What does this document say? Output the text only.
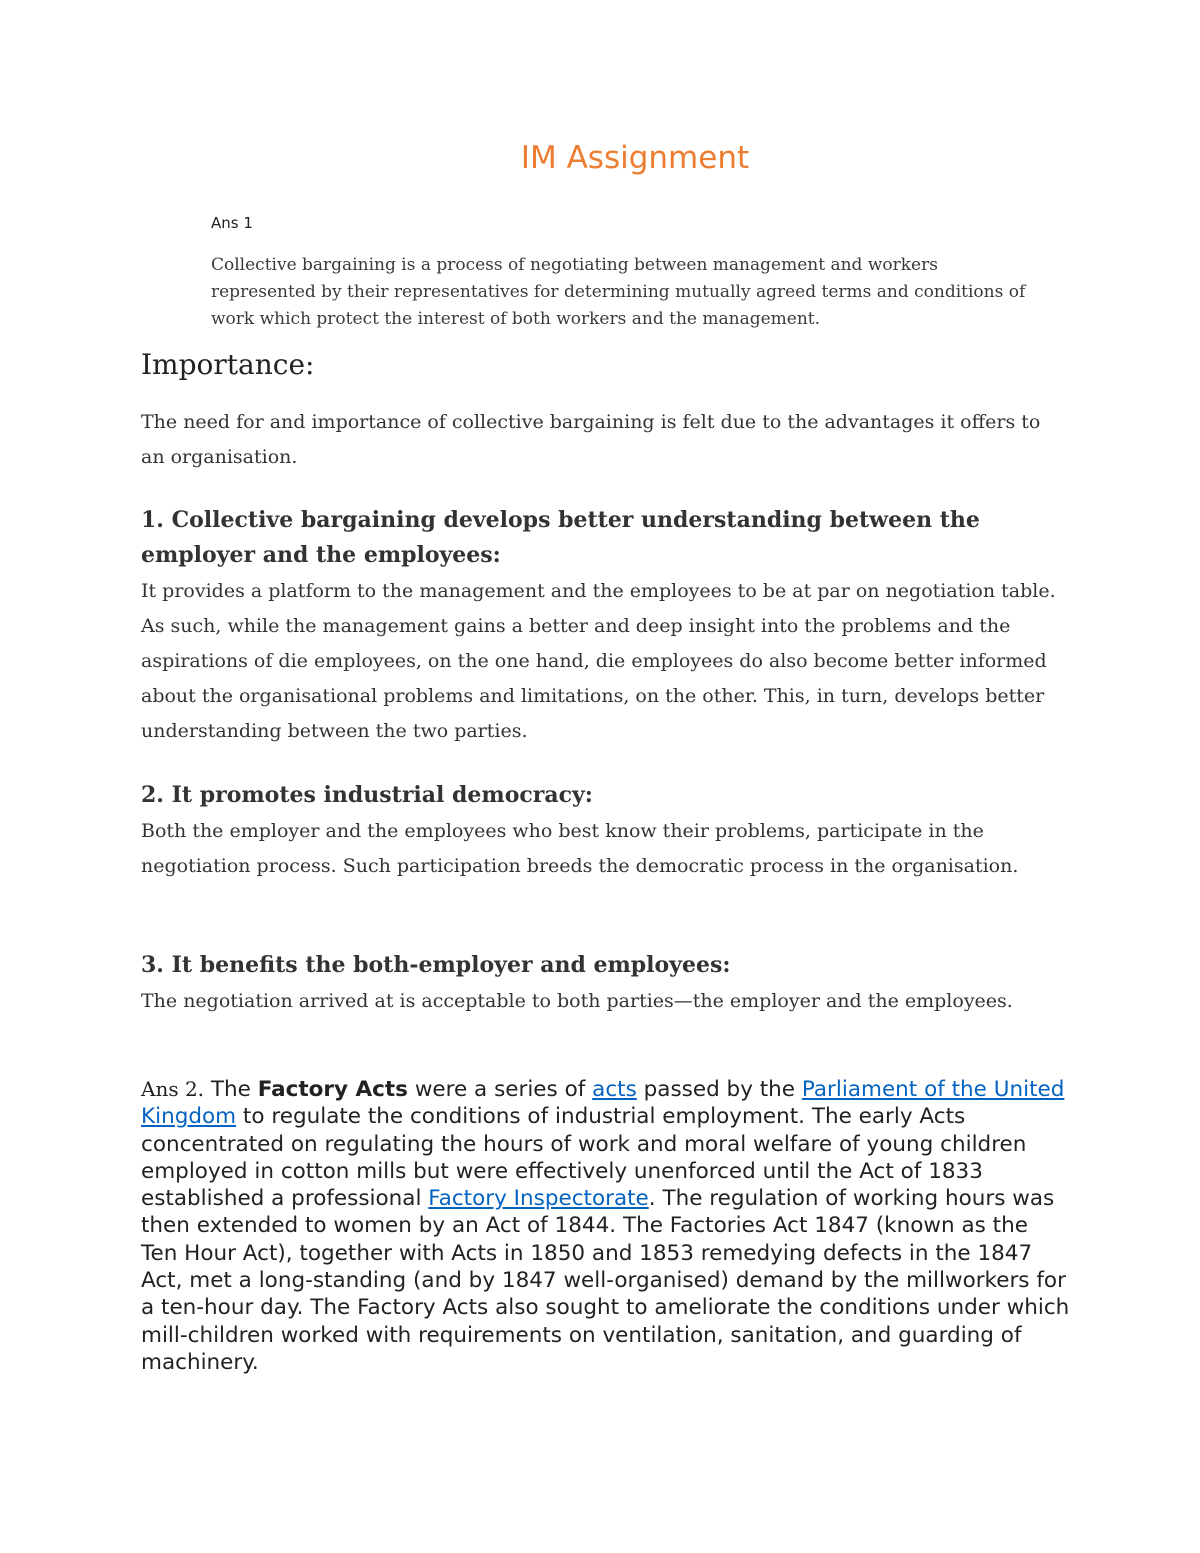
IM Assignment

Ans 1

Collective bargaining is a process of negotiating between management and workers represented by their representatives for determining mutually agreed terms and conditions of work which protect the interest of both workers and the management.

Importance:

The need for and importance of collective bargaining is felt due to the advantages it offers to an organisation.

1. Collective bargaining develops better understanding between the employer and the employees:

It provides a platform to the management and the employees to be at par on negotiation table. As such, while the management gains a better and deep insight into the problems and the aspirations of die employees, on the one hand, die employees do also become better informed about the organisational problems and limitations, on the other. This, in turn, develops better understanding between the two parties.

2. It promotes industrial democracy:

Both the employer and the employees who best know their problems, participate in the negotiation process. Such participation breeds the democratic process in the organisation.

3. It benefits the both-employer and employees:

The negotiation arrived at is acceptable to both parties—the employer and the employees.

Ans 2. The Factory Acts were a series of acts passed by the Parliament of the United Kingdom to regulate the conditions of industrial employment. The early Acts concentrated on regulating the hours of work and moral welfare of young children employed in cotton mills but were effectively unenforced until the Act of 1833 established a professional Factory Inspectorate. The regulation of working hours was then extended to women by an Act of 1844. The Factories Act 1847 (known as the Ten Hour Act), together with Acts in 1850 and 1853 remedying defects in the 1847 Act, met a long-standing (and by 1847 well-organised) demand by the millworkers for a ten-hour day. The Factory Acts also sought to ameliorate the conditions under which mill-children worked with requirements on ventilation, sanitation, and guarding of machinery.
